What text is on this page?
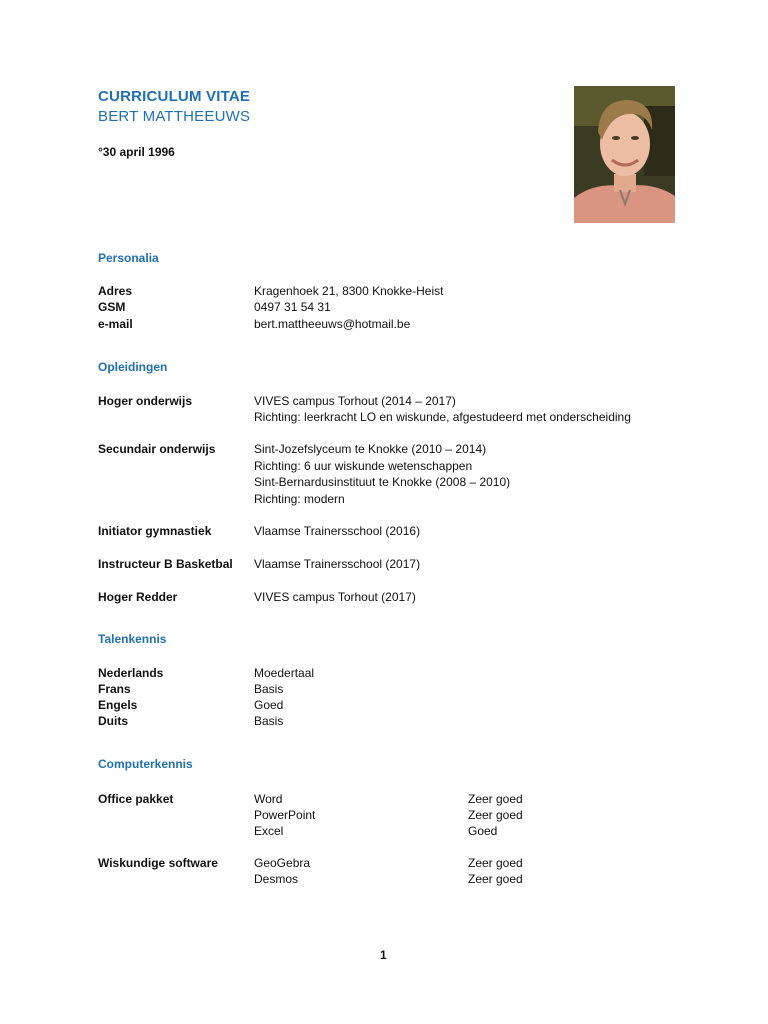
CURRICULUM VITAE
BERT MATTHEEUWS
°30 april 1996
Personalia
Adres	Kragenhoek 21, 8300 Knokke-Heist
GSM	0497 31 54 31
e-mail	bert.mattheeuws@hotmail.be
Opleidingen
Hoger onderwijs	VIVES campus Torhout (2014 – 2017)
Richting: leerkracht LO en wiskunde, afgestudeerd met onderscheiding
Secundair onderwijs	Sint-Jozefslyceum te Knokke (2010 – 2014)
Richting: 6 uur wiskunde wetenschappen
Sint-Bernardusinstituut te Knokke (2008 – 2010)
Richting: modern
Initiator gymnastiek	Vlaamse Trainersschool (2016)
Instructeur B Basketbal	Vlaamse Trainersschool (2017)
Hoger Redder	VIVES campus Torhout (2017)
Talenkennis
Nederlands	Moedertaal
Frans	Basis
Engels	Goed
Duits	Basis
Computerkennis
Office pakket	Word	Zeer goed
PowerPoint	Zeer goed
Excel	Goed
Wiskundige software	GeoGebra	Zeer goed
Desmos	Zeer goed
1
